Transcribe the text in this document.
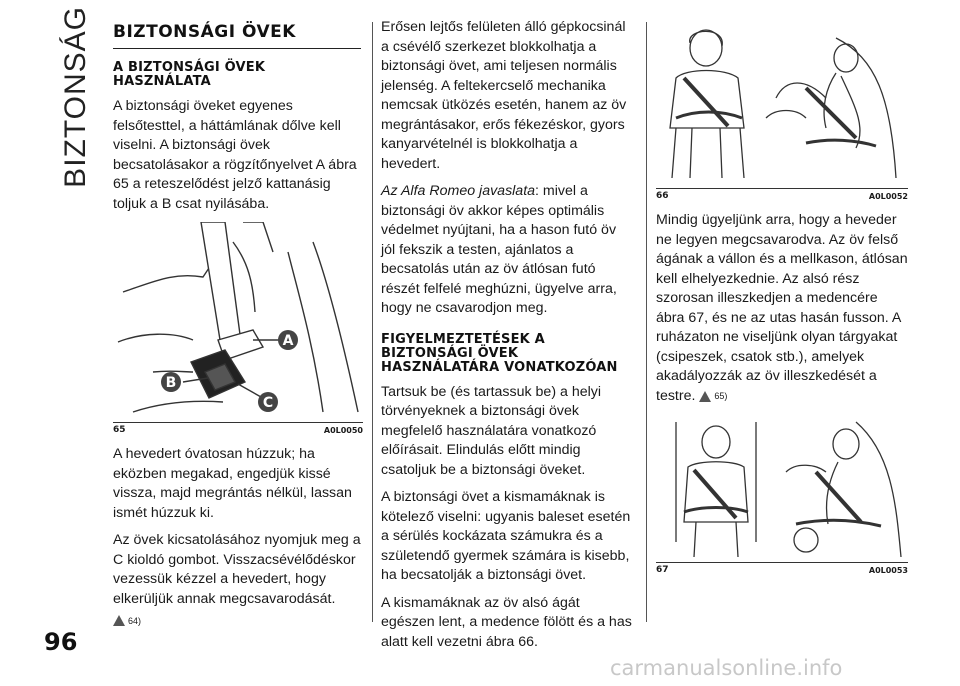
BIZTONSÁG BIZTONSÁGI ÖVEK
A BIZTONSÁGI ÖVEK HASZNÁLATA

A biztonsági öveket egyenes felsőtesttel, a háttámlának dőlve kell viselni. A biztonsági övek becsatolásakor a rögzítőnyelvet A ábra 65 a reteszelődést jelző kattanásig toljuk a B csat nyilásába.

A
B
C
65	A0L0050

A hevedert óvatosan húzzuk; ha eközben megakad, engedjük kissé vissza, majd megrántás nélkül, lassan ismét húzzuk ki.

Az övek kicsatolásához nyomjuk meg a C kioldó gombot. Visszacsévélődéskor vezessük kézzel a hevedert, hogy elkerüljük annak megcsavarodását.

64)

Erősen lejtős felületen álló gépkocsinál a csévélő szerkezet blokkolhatja a biztonsági övet, ami teljesen normális jelenség. A feltekercselő mechanika nemcsak ütközés esetén, hanem az öv megrántásakor, erős fékezéskor, gyors kanyarvételnél is blokkolhatja a hevedert.

Az Alfa Romeo javaslata: mivel a biztonsági öv akkor képes optimális védelmet nyújtani, ha a hason futó öv jól fekszik a testen, ajánlatos a becsatolás után az öv átlósan futó részét felfelé meghúzni, ügyelve arra, hogy ne csavarodjon meg.

FIGYELMEZTETÉSEK A BIZTONSÁGI ÖVEK HASZNÁLATÁRA VONATKOZÓAN

Tartsuk be (és tartassuk be) a helyi törvényeknek a biztonsági övek megfelelő használatára vonatkozó előírásait. Elindulás előtt mindig csatoljuk be a biztonsági öveket.

A biztonsági övet a kismamáknak is kötelező viselni: ugyanis baleset esetén a sérülés kockázata számukra és a születendő gyermek számára is kisebb, ha becsatolják a biztonsági övet.

A kismamáknak az öv alsó ágát egészen lent, a medence fölött és a has alatt kell vezetni ábra 66.

66	A0L0052

Mindig ügyeljünk arra, hogy a heveder ne legyen megcsavarodva. Az öv felső ágának a vállon és a mellkason, átlósan kell elhelyezkednie. Az alsó rész szorosan illeszkedjen a medencére ábra 67, és ne az utas hasán fusson. A ruházaton ne viseljünk olyan tárgyakat (csipeszek, csatok stb.), amelyek akadályozzák az öv illeszkedését a testre. 65)

67	A0L0053
96
carmanualsonline.info
